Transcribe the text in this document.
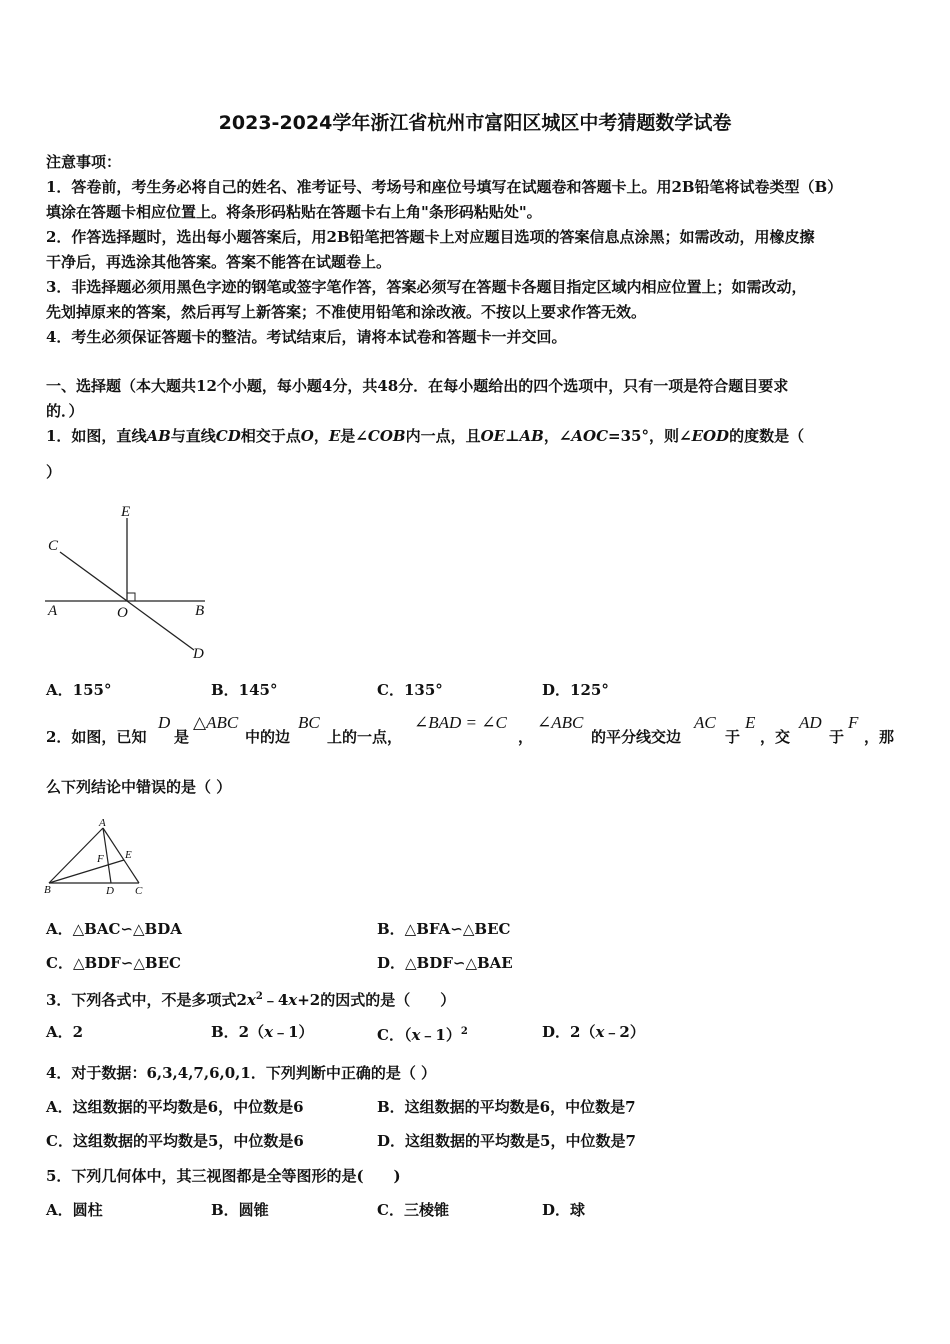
2023-2024学年浙江省杭州市富阳区城区中考猜题数学试卷
注意事项：
1．答卷前，考生务必将自己的姓名、准考证号、考场号和座位号填写在试题卷和答题卡上。用2B铅笔将试卷类型（B）
填涂在答题卡相应位置上。将条形码粘贴在答题卡右上角"条形码粘贴处"。
2．作答选择题时，选出每小题答案后，用2B铅笔把答题卡上对应题目选项的答案信息点涂黑；如需改动，用橡皮擦
干净后，再选涂其他答案。答案不能答在试题卷上。
3．非选择题必须用黑色字迹的钢笔或签字笔作答，答案必须写在答题卡各题目指定区域内相应位置上；如需改动，
先划掉原来的答案，然后再写上新答案；不准使用铅笔和涂改液。不按以上要求作答无效。
4．考生必须保证答题卡的整洁。考试结束后，请将本试卷和答题卡一并交回。
一、选择题（本大题共12个小题，每小题4分，共48分．在每小题给出的四个选项中，只有一项是符合题目要求
的．）
1．如图，直线AB与直线CD相交于点O，E是∠COB内一点，且OE⊥AB，∠AOC=35°，则∠EOD的度数是（
）
E
C
A	O	B
D
A．155°	B．145°	C．135°	D．125°
2．如图，已知
D
是
△ABC
中的边
BC
上的一点，
∠BAD = ∠C
，
∠ABC
的平分线交边
AC
于
E
，交
AD
于
F
，那
么下列结论中错误的是（ ）
A
E
F
B	D C
A．△BAC∽△BDA	B．△BFA∽△BEC
C．△BDF∽△BEC	D．△BDF∽△BAE
3．下列各式中，不是多项式$2x^2﹣4x+2$的因式的是（　　）
A．2	B．2（x﹣1）	C．（x﹣1）$^2$	D．2（x﹣2）
4．对于数据：6,3,4,7,6,0,1．下列判断中正确的是（ ）
A．这组数据的平均数是6，中位数是6	B．这组数据的平均数是6，中位数是7
C．这组数据的平均数是5，中位数是6	D．这组数据的平均数是5，中位数是7
5．下列几何体中，其三视图都是全等图形的是(　　)
A．圆柱	B．圆锥	C．三棱锥	D．球
